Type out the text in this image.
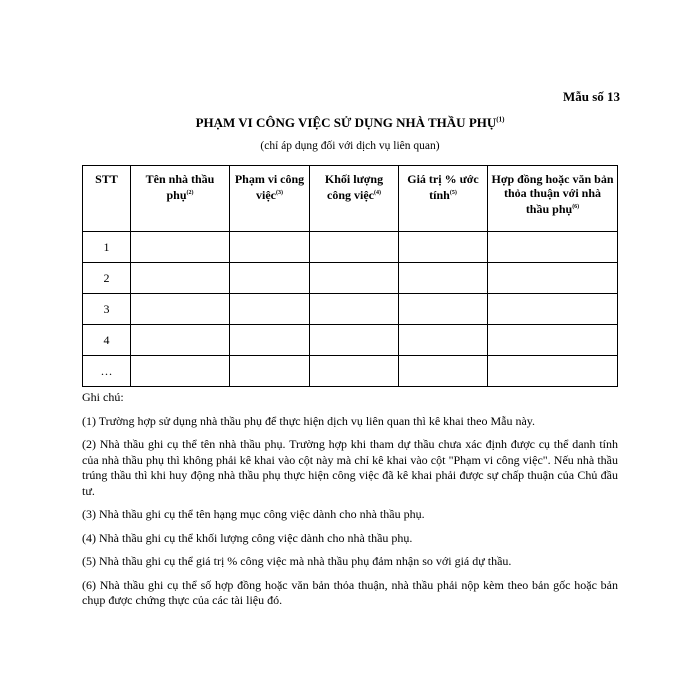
Mẫu số 13
PHẠM VI CÔNG VIỆC SỬ DỤNG NHÀ THẦU PHỤ$^{(1)}$
(chỉ áp dụng đối với dịch vụ liên quan)
STT	Tên nhà thầu phụ$^{(2)}$	Phạm vi công việc$^{(3)}$	Khối lượng công việc$^{(4)}$	Giá trị % ước tính$^{(5)}$	Hợp đồng hoặc văn bản thỏa thuận với nhà thầu phụ$^{(6)}$
1					
2					
3					
4					
…					

Ghi chú:

(1) Trường hợp sử dụng nhà thầu phụ để thực hiện dịch vụ liên quan thì kê khai theo Mẫu này.

(2) Nhà thầu ghi cụ thể tên nhà thầu phụ. Trường hợp khi tham dự thầu chưa xác định được cụ thể danh tính của nhà thầu phụ thì không phải kê khai vào cột này mà chỉ kê khai vào cột "Phạm vi công việc". Nếu nhà thầu trúng thầu thì khi huy động nhà thầu phụ thực hiện công việc đã kê khai phải được sự chấp thuận của Chủ đầu tư.

(3) Nhà thầu ghi cụ thể tên hạng mục công việc dành cho nhà thầu phụ.

(4) Nhà thầu ghi cụ thể khối lượng công việc dành cho nhà thầu phụ.

(5) Nhà thầu ghi cụ thể giá trị % công việc mà nhà thầu phụ đảm nhận so với giá dự thầu.

(6) Nhà thầu ghi cụ thể số hợp đồng hoặc văn bản thỏa thuận, nhà thầu phải nộp kèm theo bản gốc hoặc bản chụp được chứng thực của các tài liệu đó.
